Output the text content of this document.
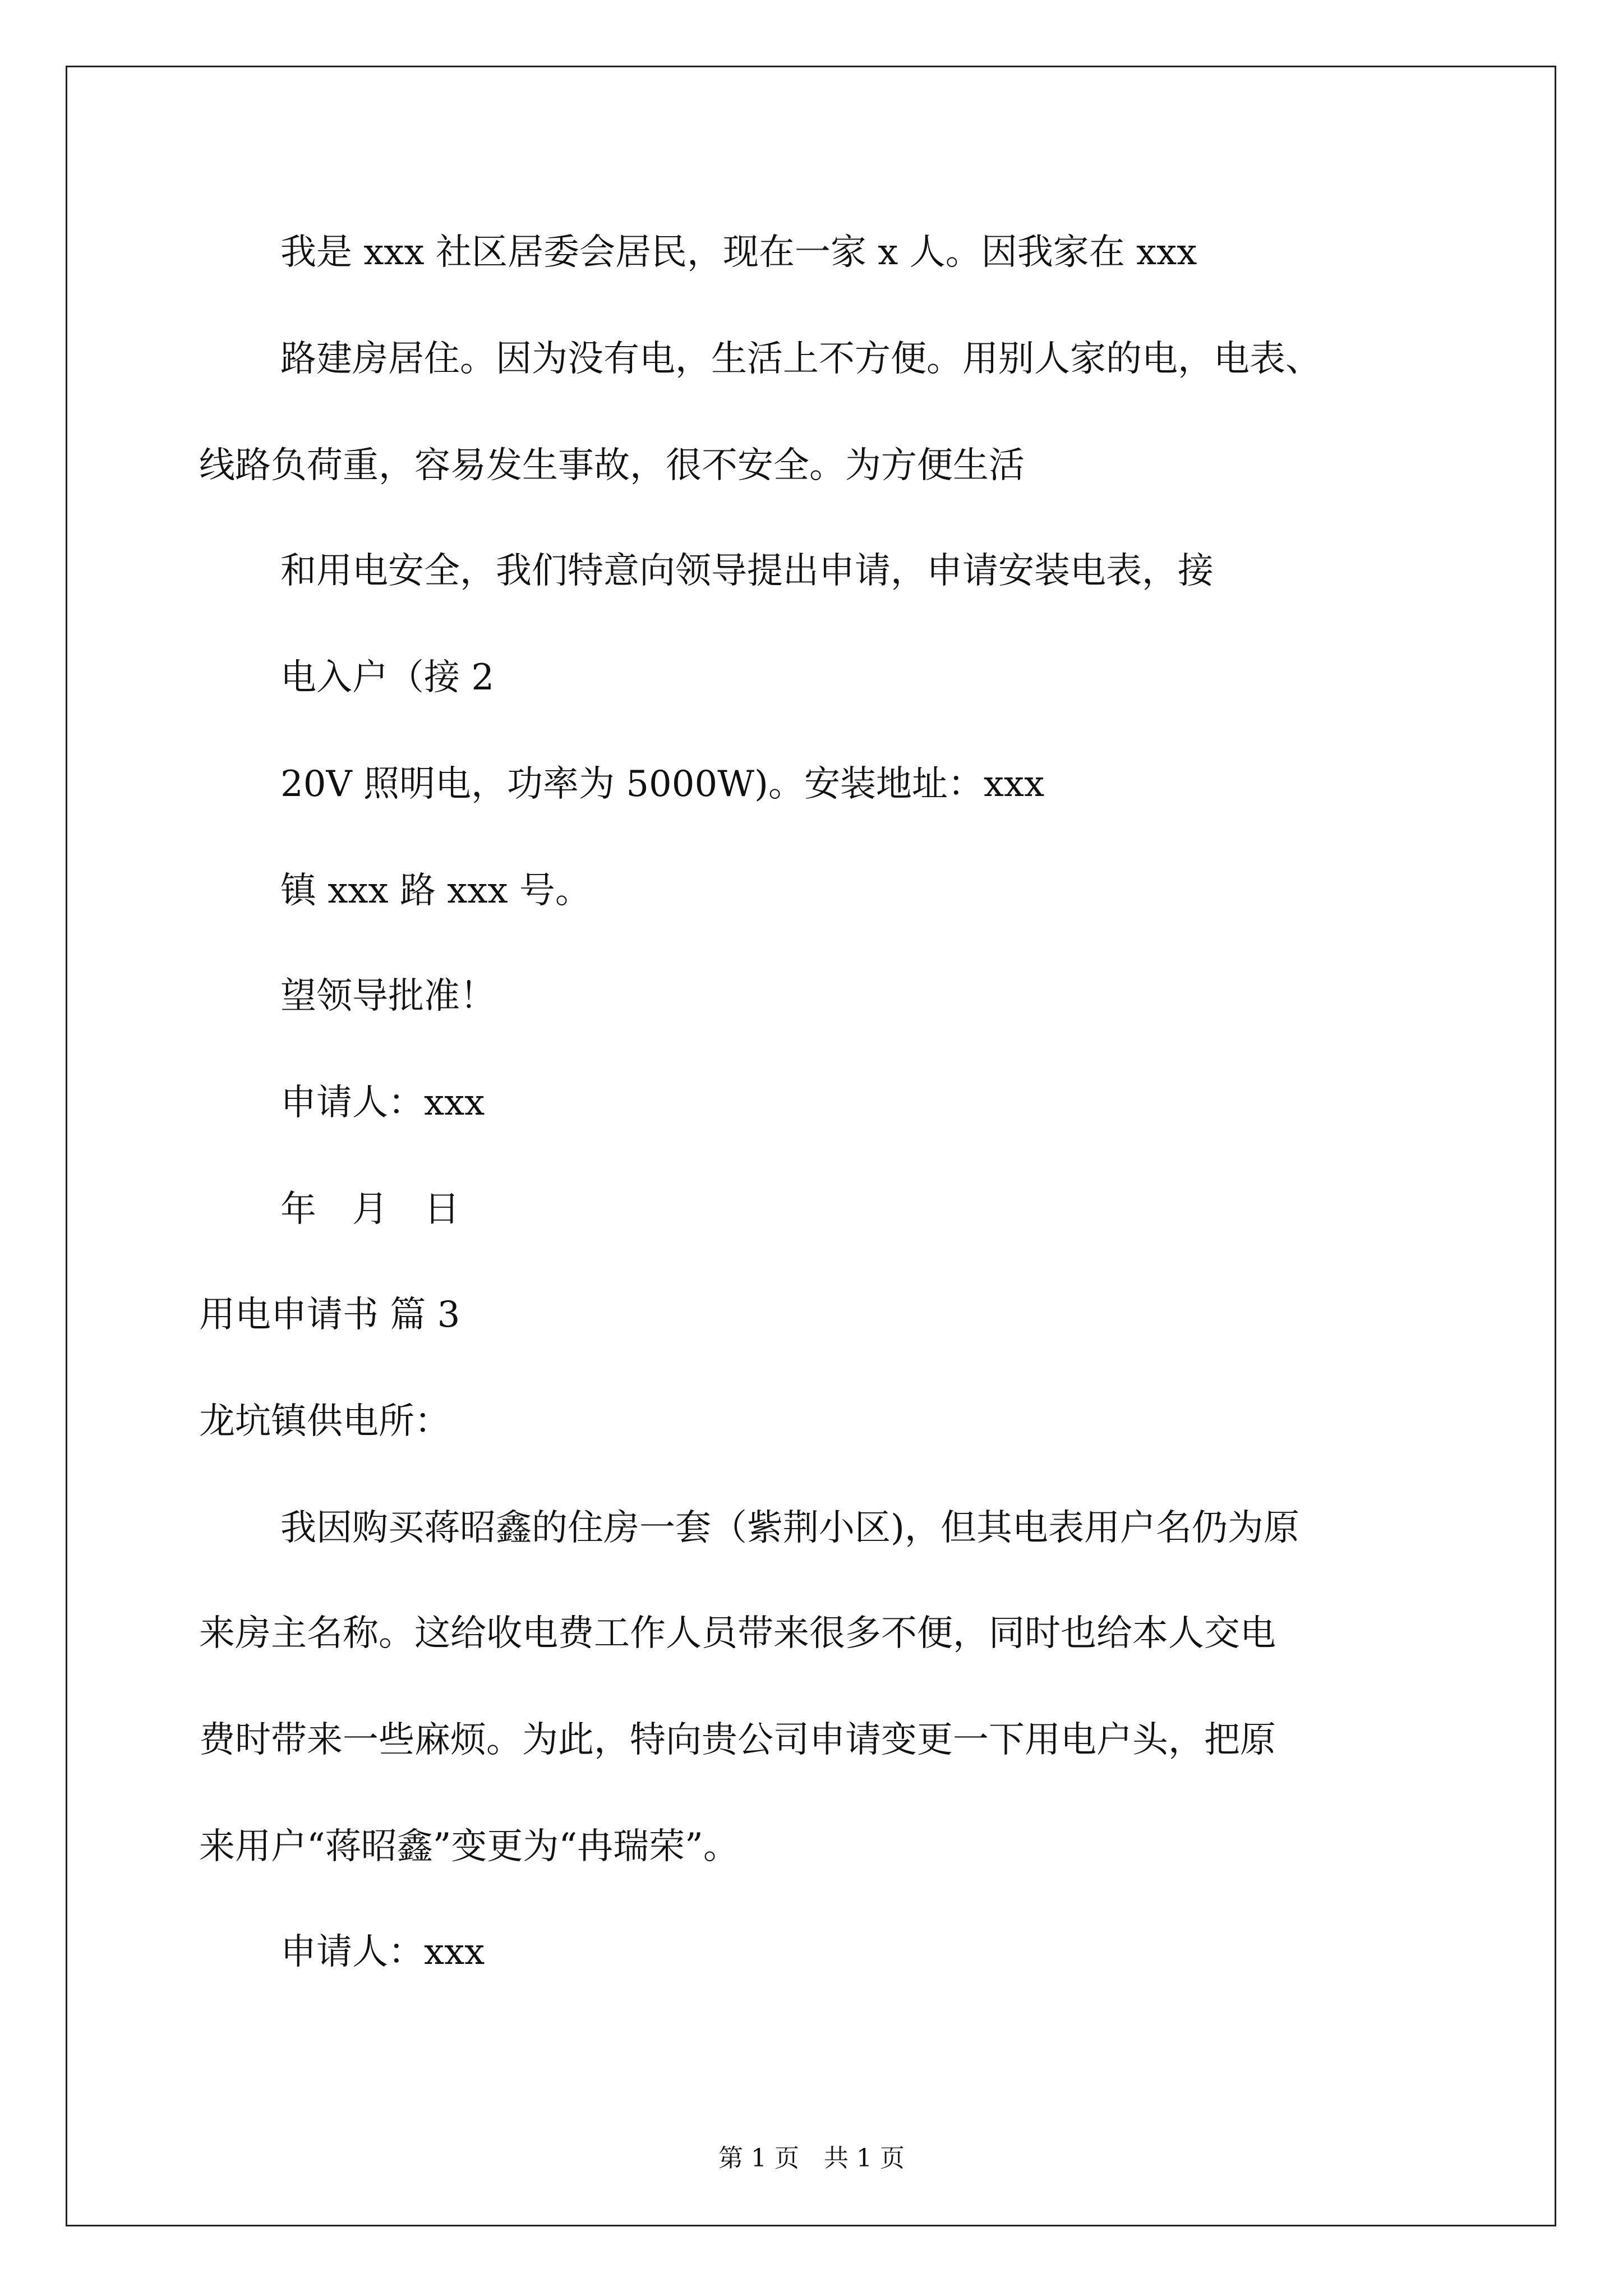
我是 xxx 社区居委会居民，现在一家 x 人。因我家在 xxx
路建房居住。因为没有电，生活上不方便。用别人家的电，电表、
线路负荷重，容易发生事故，很不安全。为方便生活
和用电安全，我们特意向领导提出申请，申请安装电表，接
电入户（接 2
20V 照明电，功率为 5000W)。安装地址：xxx
镇 xxx 路 xxx 号。
望领导批准！
申请人：xxx
年　月　日
用电申请书 篇 3
龙坑镇供电所：
我因购买蒋昭鑫的住房一套（紫荆小区)，但其电表用户名仍为原
来房主名称。这给收电费工作人员带来很多不便，同时也给本人交电
费时带来一些麻烦。为此，特向贵公司申请变更一下用电户头，把原
来用户“蒋昭鑫”变更为“冉瑞荣”。
申请人：xxx
第 1 页　共 1 页
